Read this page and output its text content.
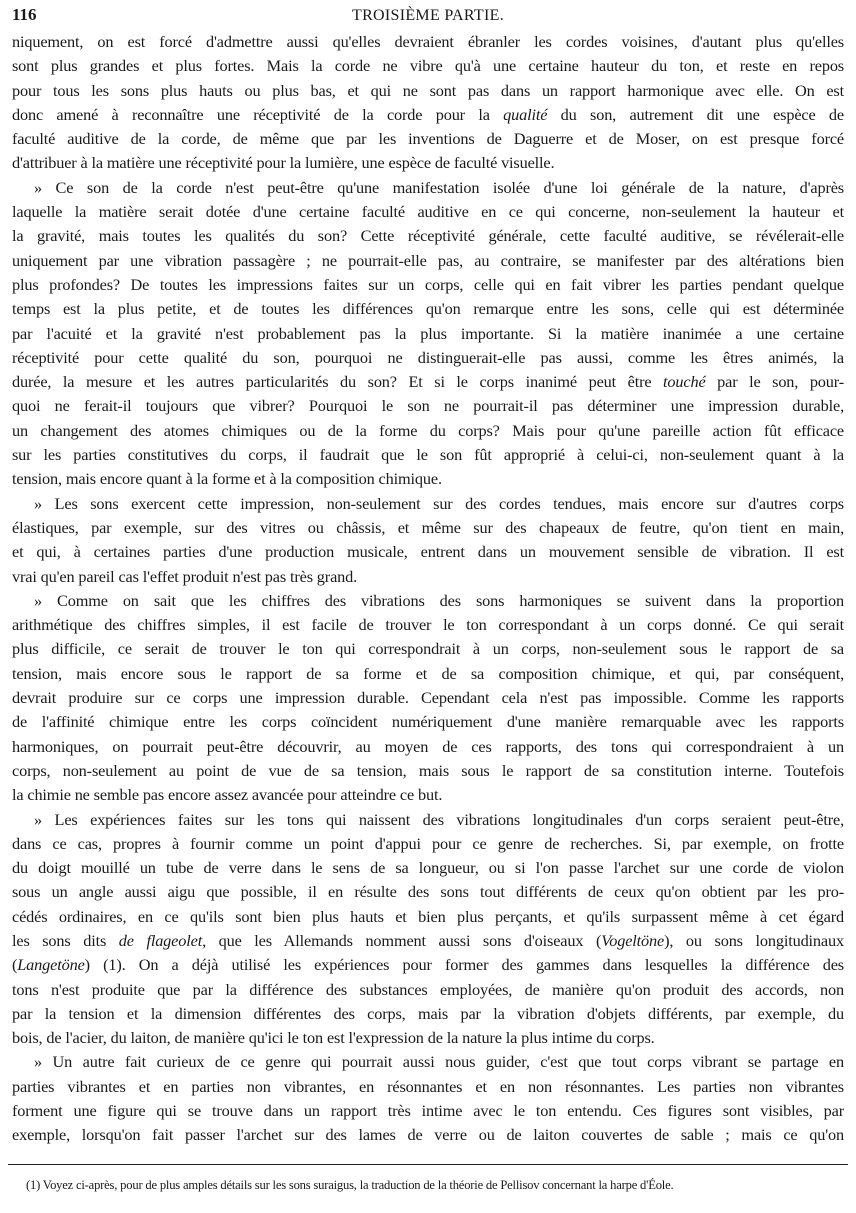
116	TROISIÈME PARTIE.
niquement, on est forcé d'admettre aussi qu'elles devraient ébranler les cordes voisines, d'autant plus qu'elles
sont plus grandes et plus fortes. Mais la corde ne vibre qu'à une certaine hauteur du ton, et reste en repos
pour tous les sons plus hauts ou plus bas, et qui ne sont pas dans un rapport harmonique avec elle. On est
donc amené à reconnaître une réceptivité de la corde pour la qualité du son, autrement dit une espèce de
faculté auditive de la corde, de même que par les inventions de Daguerre et de Moser, on est presque forcé
d'attribuer à la matière une réceptivité pour la lumière, une espèce de faculté visuelle.
» Ce son de la corde n'est peut-être qu'une manifestation isolée d'une loi générale de la nature, d'après
laquelle la matière serait dotée d'une certaine faculté auditive en ce qui concerne, non-seulement la hauteur et
la gravité, mais toutes les qualités du son? Cette réceptivité générale, cette faculté auditive, se révélerait-elle
uniquement par une vibration passagère ; ne pourrait-elle pas, au contraire, se manifester par des altérations bien
plus profondes? De toutes les impressions faites sur un corps, celle qui en fait vibrer les parties pendant quelque
temps est la plus petite, et de toutes les différences qu'on remarque entre les sons, celle qui est déterminée
par l'acuité et la gravité n'est probablement pas la plus importante. Si la matière inanimée a une certaine
réceptivité pour cette qualité du son, pourquoi ne distinguerait-elle pas aussi, comme les êtres animés, la
durée, la mesure et les autres particularités du son? Et si le corps inanimé peut être touché par le son, pour-
quoi ne ferait-il toujours que vibrer? Pourquoi le son ne pourrait-il pas déterminer une impression durable,
un changement des atomes chimiques ou de la forme du corps? Mais pour qu'une pareille action fût efficace
sur les parties constitutives du corps, il faudrait que le son fût approprié à celui-ci, non-seulement quant à la
tension, mais encore quant à la forme et à la composition chimique.
» Les sons exercent cette impression, non-seulement sur des cordes tendues, mais encore sur d'autres corps
élastiques, par exemple, sur des vitres ou châssis, et même sur des chapeaux de feutre, qu'on tient en main,
et qui, à certaines parties d'une production musicale, entrent dans un mouvement sensible de vibration. Il est
vrai qu'en pareil cas l'effet produit n'est pas très grand.
» Comme on sait que les chiffres des vibrations des sons harmoniques se suivent dans la proportion
arithmétique des chiffres simples, il est facile de trouver le ton correspondant à un corps donné. Ce qui serait
plus difficile, ce serait de trouver le ton qui correspondrait à un corps, non-seulement sous le rapport de sa
tension, mais encore sous le rapport de sa forme et de sa composition chimique, et qui, par conséquent,
devrait produire sur ce corps une impression durable. Cependant cela n'est pas impossible. Comme les rapports
de l'affinité chimique entre les corps coïncident numériquement d'une manière remarquable avec les rapports
harmoniques, on pourrait peut-être découvrir, au moyen de ces rapports, des tons qui correspondraient à un
corps, non-seulement au point de vue de sa tension, mais sous le rapport de sa constitution interne. Toutefois
la chimie ne semble pas encore assez avancée pour atteindre ce but.
» Les expériences faites sur les tons qui naissent des vibrations longitudinales d'un corps seraient peut-être,
dans ce cas, propres à fournir comme un point d'appui pour ce genre de recherches. Si, par exemple, on frotte
du doigt mouillé un tube de verre dans le sens de sa longueur, ou si l'on passe l'archet sur une corde de violon
sous un angle aussi aigu que possible, il en résulte des sons tout différents de ceux qu'on obtient par les pro-
cédés ordinaires, en ce qu'ils sont bien plus hauts et bien plus perçants, et qu'ils surpassent même à cet égard
les sons dits de flageolet, que les Allemands nomment aussi sons d'oiseaux (Vogeltöne), ou sons longitudinaux
(Langetöne) (1). On a déjà utilisé les expériences pour former des gammes dans lesquelles la différence des
tons n'est produite que par la différence des substances employées, de manière qu'on produit des accords, non
par la tension et la dimension différentes des corps, mais par la vibration d'objets différents, par exemple, du
bois, de l'acier, du laiton, de manière qu'ici le ton est l'expression de la nature la plus intime du corps.
» Un autre fait curieux de ce genre qui pourrait aussi nous guider, c'est que tout corps vibrant se partage en
parties vibrantes et en parties non vibrantes, en résonnantes et en non résonnantes. Les parties non vibrantes
forment une figure qui se trouve dans un rapport très intime avec le ton entendu. Ces figures sont visibles, par
exemple, lorsqu'on fait passer l'archet sur des lames de verre ou de laiton couvertes de sable ; mais ce qu'on
(1) Voyez ci-après, pour de plus amples détails sur les sons suraigus, la traduction de la théorie de Pellisov concernant la harpe d'Éole.
